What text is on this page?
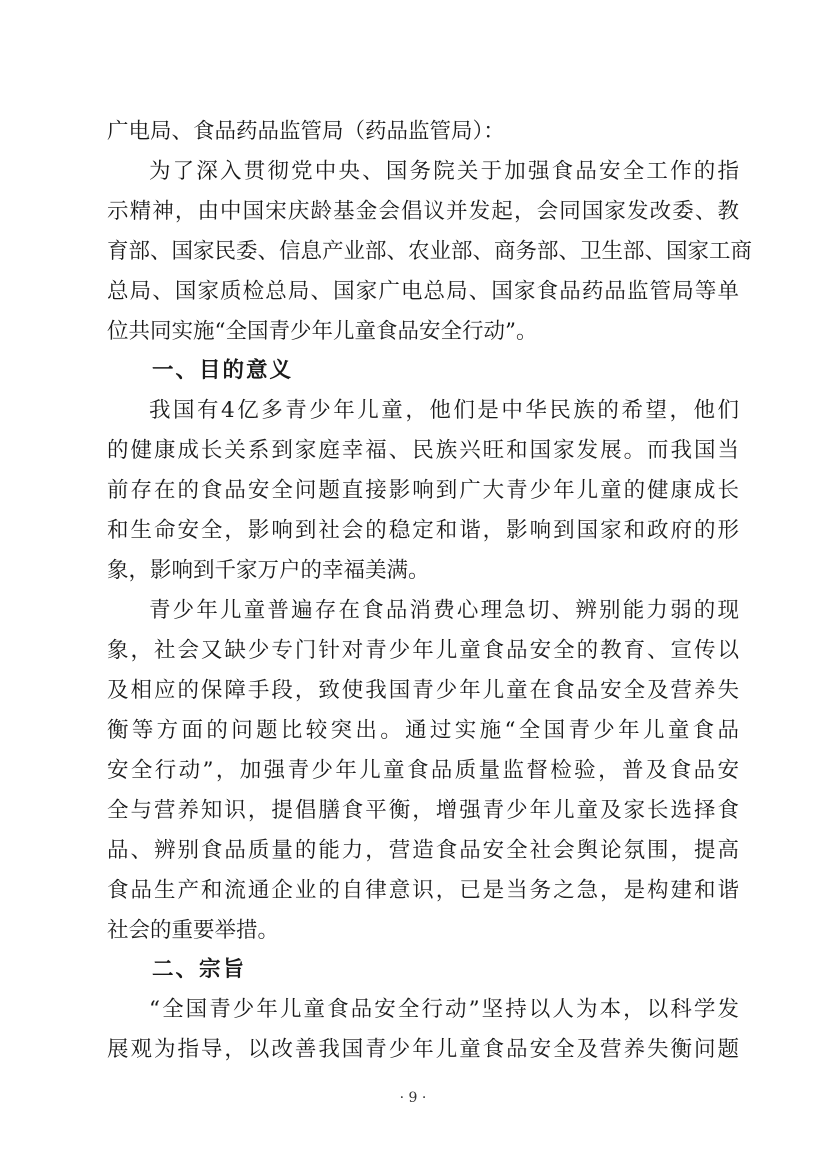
广电局、食品药品监管局（药品监管局）：
为了深入贯彻党中央、国务院关于加强食品安全工作的指
示精神，由中国宋庆龄基金会倡议并发起，会同国家发改委、教
育部、国家民委、信息产业部、农业部、商务部、卫生部、国家工商
总局、国家质检总局、国家广电总局、国家食品药品监管局等单
位共同实施“全国青少年儿童食品安全行动”。
一、目的意义
我国有4亿多青少年儿童，他们是中华民族的希望，他们
的健康成长关系到家庭幸福、民族兴旺和国家发展。而我国当
前存在的食品安全问题直接影响到广大青少年儿童的健康成长
和生命安全，影响到社会的稳定和谐，影响到国家和政府的形
象，影响到千家万户的幸福美满。
青少年儿童普遍存在食品消费心理急切、辨别能力弱的现
象，社会又缺少专门针对青少年儿童食品安全的教育、宣传以
及相应的保障手段，致使我国青少年儿童在食品安全及营养失
衡等方面的问题比较突出。通过实施“全国青少年儿童食品
安全行动”，加强青少年儿童食品质量监督检验，普及食品安
全与营养知识，提倡膳食平衡，增强青少年儿童及家长选择食
品、辨别食品质量的能力，营造食品安全社会舆论氛围，提高
食品生产和流通企业的自律意识，已是当务之急，是构建和谐
社会的重要举措。
二、宗旨
“全国青少年儿童食品安全行动”坚持以人为本，以科学发
展观为指导，以改善我国青少年儿童食品安全及营养失衡问题
· 9 ·
